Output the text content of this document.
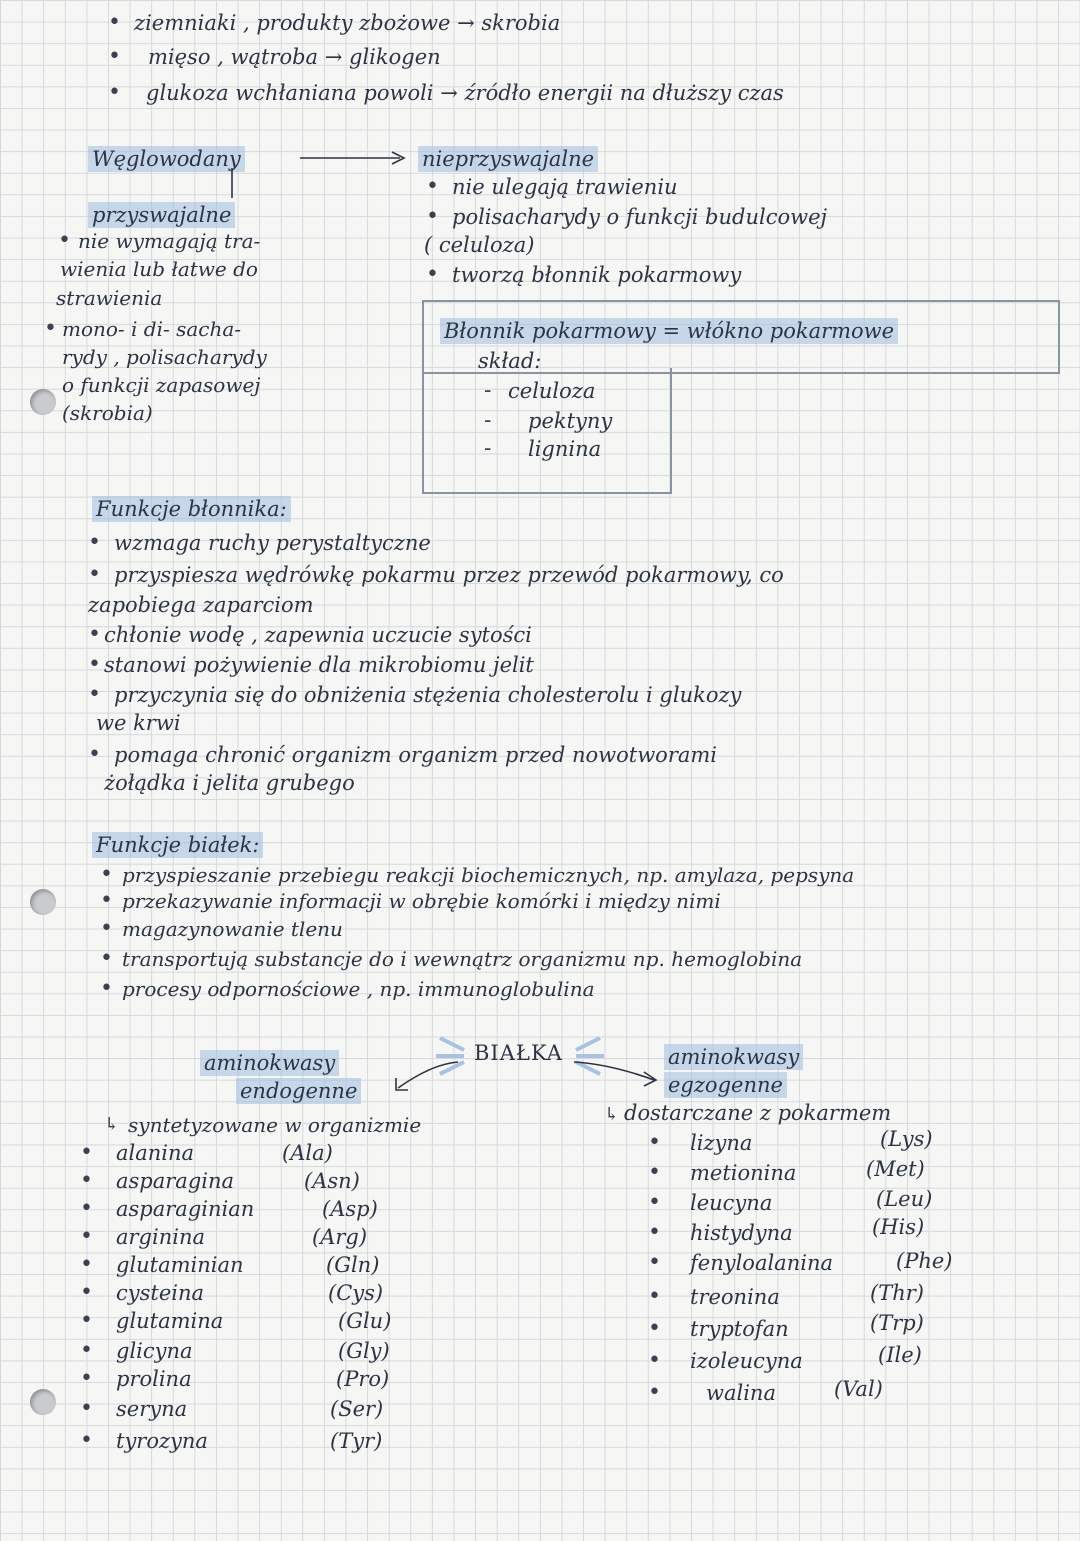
• ziemniaki , produkty zbożowe → skrobia
• mięso , wątroba → glikogen
• glukoza wchłaniana powoli → źródło energii na dłuższy czas
Węglowodany
przyswajalne
• nie wymagają tra-
wienia lub łatwe do
strawienia
• mono- i di- sacha-
rydy , polisacharydy
o funkcji zapasowej
(skrobia)
nieprzyswajalne
• nie ulegają trawieniu
• polisacharydy o funkcji budulcowej
( celuloza)
• tworzą błonnik pokarmowy
Błonnik pokarmowy = włókno pokarmowe
skład:
- celuloza
- pektyny
- lignina
Funkcje błonnika:
• wzmaga ruchy perystaltyczne
• przyspiesza wędrówkę pokarmu przez przewód pokarmowy, co
zapobiega zaparciom
• chłonie wodę , zapewnia uczucie sytości
• stanowi pożywienie dla mikrobiomu jelit
• przyczynia się do obniżenia stężenia cholesterolu i glukozy
we krwi
• pomaga chronić organizm organizm przed nowotworami
żołądka i jelita grubego
Funkcje białek:
• przyspieszanie przebiegu reakcji biochemicznych, np. amylaza, pepsyna
• przekazywanie informacji w obrębie komórki i między nimi
• magazynowanie tlenu
• transportują substancje do i wewnątrz organizmu np. hemoglobina
• procesy odpornościowe , np. immunoglobulina
BIAŁKA
aminokwasy
endogenne
↳ syntetyzowane w organizmie
• alanina	(Ala)
• asparagina	(Asn)
• asparaginian	(Asp)
• arginina	(Arg)
• glutaminian	(Gln)
• cysteina	(Cys)
• glutamina	(Glu)
• glicyna	(Gly)
• prolina	(Pro)
• seryna	(Ser)
• tyrozyna	(Tyr)
aminokwasy
egzogenne
↳ dostarczane z pokarmem
• lizyna	(Lys)
• metionina	(Met)
• leucyna	(Leu)
• histydyna	(His)
• fenyloalanina	(Phe)
• treonina	(Thr)
• tryptofan	(Trp)
• izoleucyna	(Ile)
• walina	(Val)
